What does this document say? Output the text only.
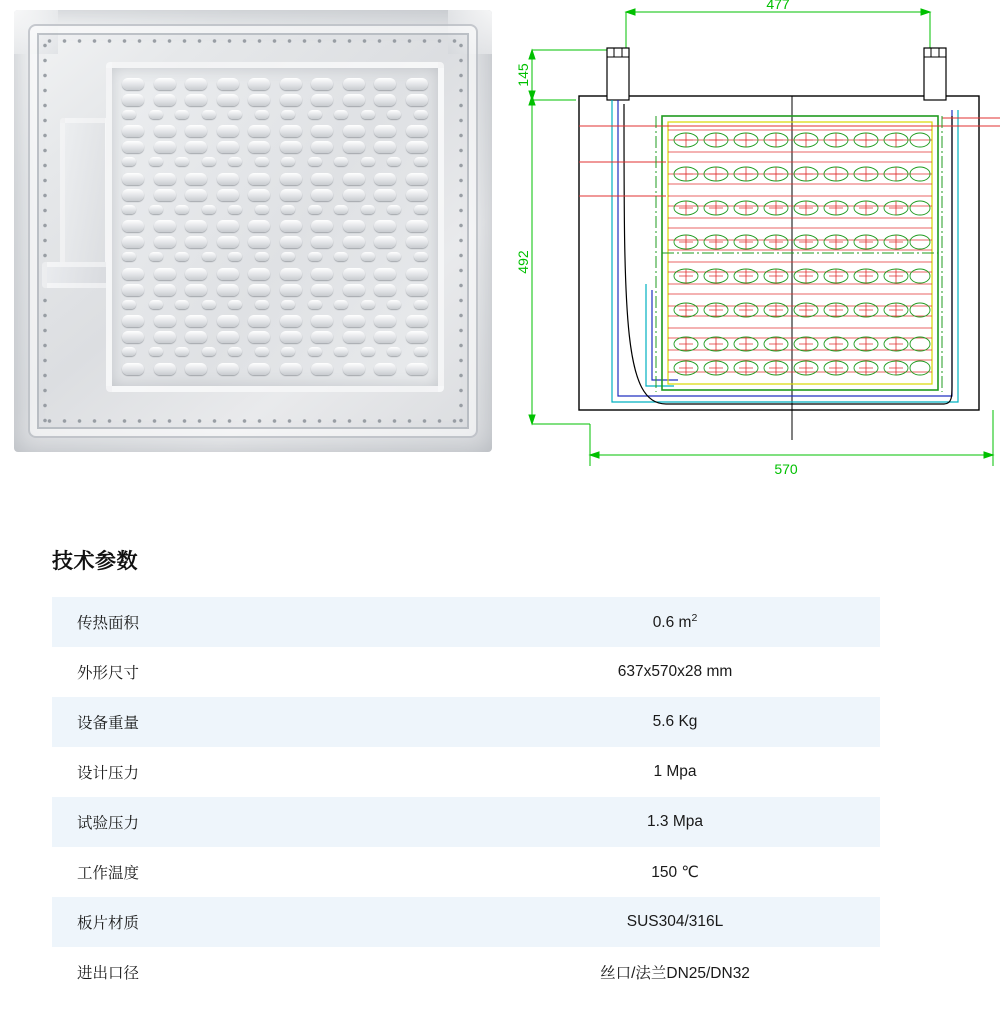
477
145
492
570
技术参数
传热面积	0.6 $m^2$
外形尺寸	637x570x28 mm
设备重量	5.6 Kg
设计压力	1 Mpa
试验压力	1.3 Mpa
工作温度	150 ℃
板片材质	SUS304/316L
进出口径	丝口/法兰DN25/DN32
